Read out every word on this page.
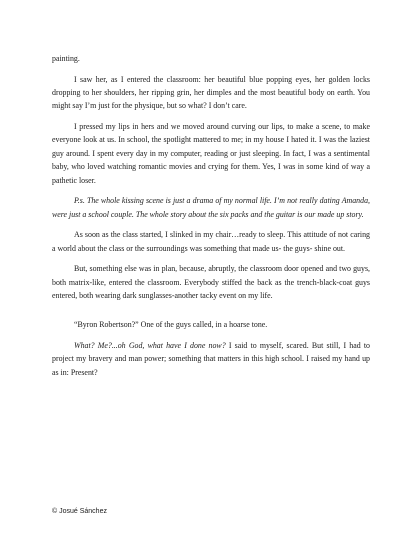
painting.

I saw her, as I entered the classroom: her beautiful blue popping eyes, her golden locks dropping to her shoulders, her ripping grin, her dimples and the most beautiful body on earth. You might say I’m just for the physique, but so what? I don’t care.

I pressed my lips in hers and we moved around curving our lips, to make a scene, to make everyone look at us. In school, the spotlight mattered to me; in my house I hated it. I was the laziest guy around. I spent every day in my computer, reading or just sleeping. In fact, I was a sentimental baby, who loved watching romantic movies and crying for them. Yes, I was in some kind of way a pathetic loser.

P.s. The whole kissing scene is just a drama of my normal life. I’m not really dating Amanda, were just a school couple. The whole story about the six packs and the guitar is our made up story.

As soon as the class started, I slinked in my chair…ready to sleep. This attitude of not caring a world about the class or the surroundings was something that made us- the guys- shine out.

But, something else was in plan, because, abruptly, the classroom door opened and two guys, both matrix-like, entered the classroom. Everybody stiffed the back as the trench-black-coat guys entered, both wearing dark sunglasses-another tacky event on my life.

“Byron Robertson?” One of the guys called, in a hoarse tone.

What? Me?...oh God, what have I done now? I said to myself, scared. But still, I had to project my bravery and man power; something that matters in this high school. I raised my hand up as in: Present?

© Josué Sánchez
